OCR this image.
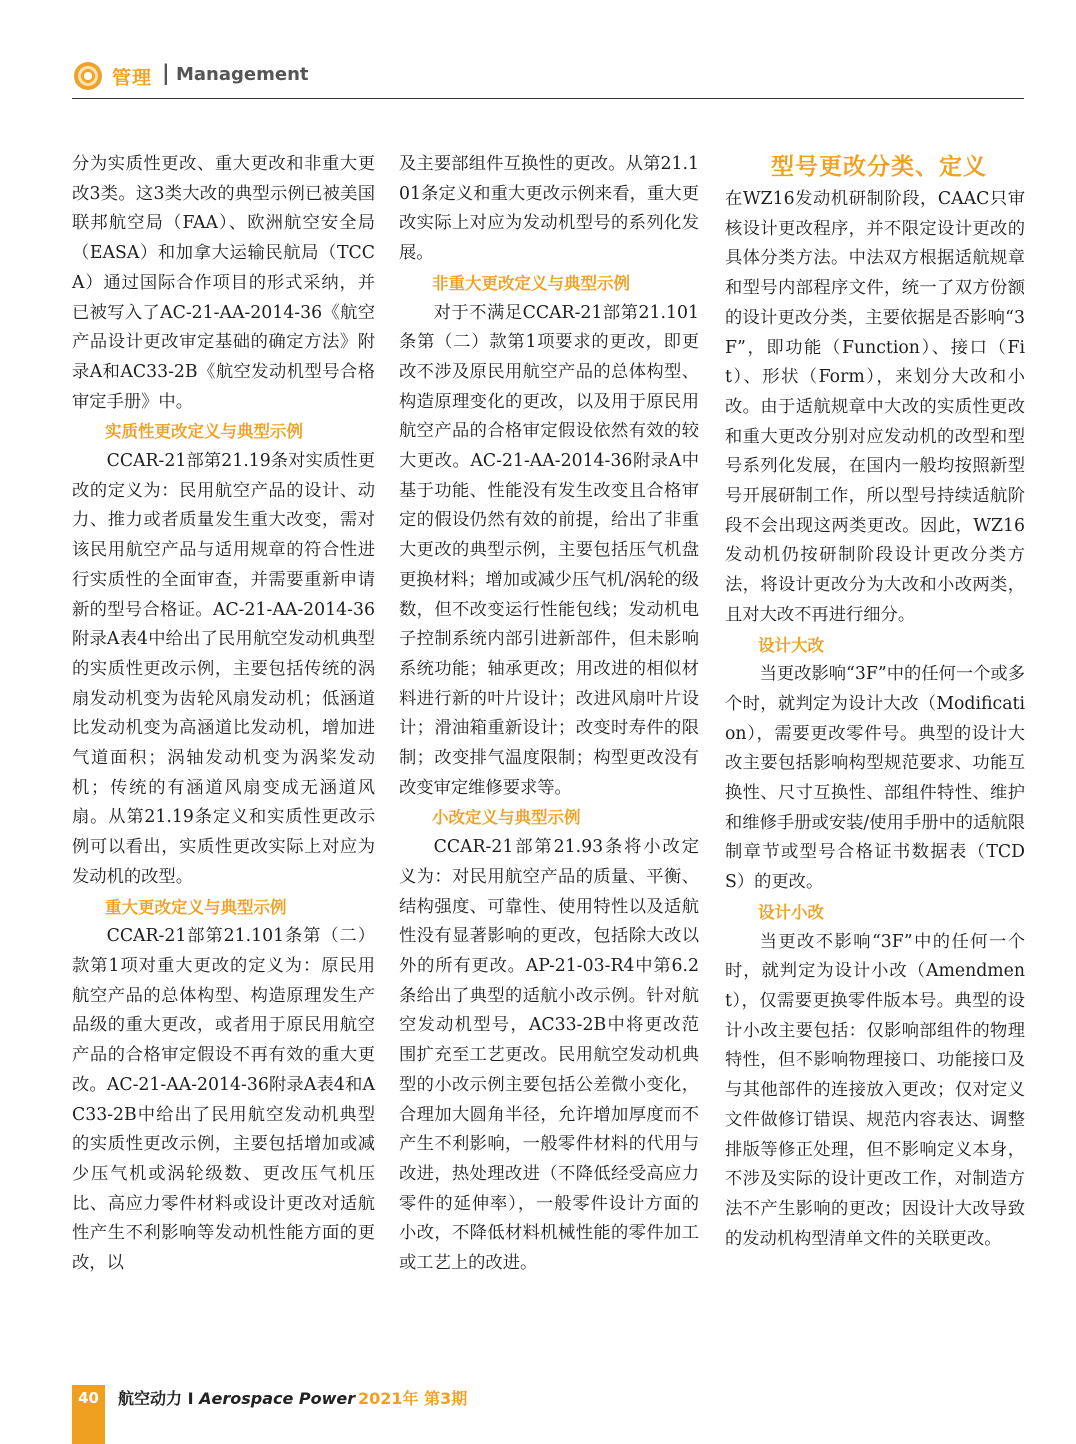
管理 | Management

分为实质性更改、重大更改和非重大更改3类。这3类大改的典型示例已被美国联邦航空局（FAA）、欧洲航空安全局（EASA）和加拿大运输民航局（TCCA）通过国际合作项目的形式采纳，并已被写入了AC-21-AA-2014-36《航空产品设计更改审定基础的确定方法》附录A和AC33-2B《航空发动机型号合格审定手册》中。

实质性更改定义与典型示例

CCAR-21部第21.19条对实质性更改的定义为：民用航空产品的设计、动力、推力或者质量发生重大改变，需对该民用航空产品与适用规章的符合性进行实质性的全面审查，并需要重新申请新的型号合格证。AC-21-AA-2014-36附录A表4中给出了民用航空发动机典型的实质性更改示例，主要包括传统的涡扇发动机变为齿轮风扇发动机；低涵道比发动机变为高涵道比发动机，增加进气道面积；涡轴发动机变为涡桨发动机；传统的有涵道风扇变成无涵道风扇。从第21.19条定义和实质性更改示例可以看出，实质性更改实际上对应为发动机的改型。

重大更改定义与典型示例

CCAR-21部第21.101条第（二）款第1项对重大更改的定义为：原民用航空产品的总体构型、构造原理发生产品级的重大更改，或者用于原民用航空产品的合格审定假设不再有效的重大更改。AC-21-AA-2014-36附录A表4和AC33-2B中给出了民用航空发动机典型的实质性更改示例，主要包括增加或减少压气机或涡轮级数、更改压气机压比、高应力零件材料或设计更改对适航性产生不利影响等发动机性能方面的更改，以

及主要部组件互换性的更改。从第21.101条定义和重大更改示例来看，重大更改实际上对应为发动机型号的系列化发展。

非重大更改定义与典型示例

对于不满足CCAR-21部第21.101条第（二）款第1项要求的更改，即更改不涉及原民用航空产品的总体构型、构造原理变化的更改，以及用于原民用航空产品的合格审定假设依然有效的较大更改。AC-21-AA-2014-36附录A中基于功能、性能没有发生改变且合格审定的假设仍然有效的前提，给出了非重大更改的典型示例，主要包括压气机盘更换材料；增加或减少压气机/涡轮的级数，但不改变运行性能包线；发动机电子控制系统内部引进新部件，但未影响系统功能；轴承更改；用改进的相似材料进行新的叶片设计；改进风扇叶片设计；滑油箱重新设计；改变时寿件的限制；改变排气温度限制；构型更改没有改变审定维修要求等。

小改定义与典型示例

CCAR-21部第21.93条将小改定义为：对民用航空产品的质量、平衡、结构强度、可靠性、使用特性以及适航性没有显著影响的更改，包括除大改以外的所有更改。AP-21-03-R4中第6.2条给出了典型的适航小改示例。针对航空发动机型号，AC33-2B中将更改范围扩充至工艺更改。民用航空发动机典型的小改示例主要包括公差微小变化，合理加大圆角半径，允许增加厚度而不产生不利影响，一般零件材料的代用与改进，热处理改进（不降低经受高应力零件的延伸率），一般零件设计方面的小改，不降低材料机械性能的零件加工或工艺上的改进。

型号更改分类、定义

在WZ16发动机研制阶段，CAAC只审核设计更改程序，并不限定设计更改的具体分类方法。中法双方根据适航规章和型号内部程序文件，统一了双方份额的设计更改分类，主要依据是否影响“3F”，即功能（Function）、接口（Fit）、形状（Form），来划分大改和小改。由于适航规章中大改的实质性更改和重大更改分别对应发动机的改型和型号系列化发展，在国内一般均按照新型号开展研制工作，所以型号持续适航阶段不会出现这两类更改。因此，WZ16发动机仍按研制阶段设计更改分类方法，将设计更改分为大改和小改两类，且对大改不再进行细分。

设计大改

当更改影响“3F”中的任何一个或多个时，就判定为设计大改（Modification），需要更改零件号。典型的设计大改主要包括影响构型规范要求、功能互换性、尺寸互换性、部组件特性、维护和维修手册或安装/使用手册中的适航限制章节或型号合格证书数据表（TCDS）的更改。

设计小改

当更改不影响“3F”中的任何一个时，就判定为设计小改（Amendment），仅需要更换零件版本号。典型的设计小改主要包括：仅影响部组件的物理特性，但不影响物理接口、功能接口及与其他部件的连接放入更改；仅对定义文件做修订错误、规范内容表达、调整排版等修正处理，但不影响定义本身，不涉及实际的设计更改工作，对制造方法不产生影响的更改；因设计大改导致的发动机构型清单文件的关联更改。

40	航空动力 I Aerospace Power 2021年 第3期
